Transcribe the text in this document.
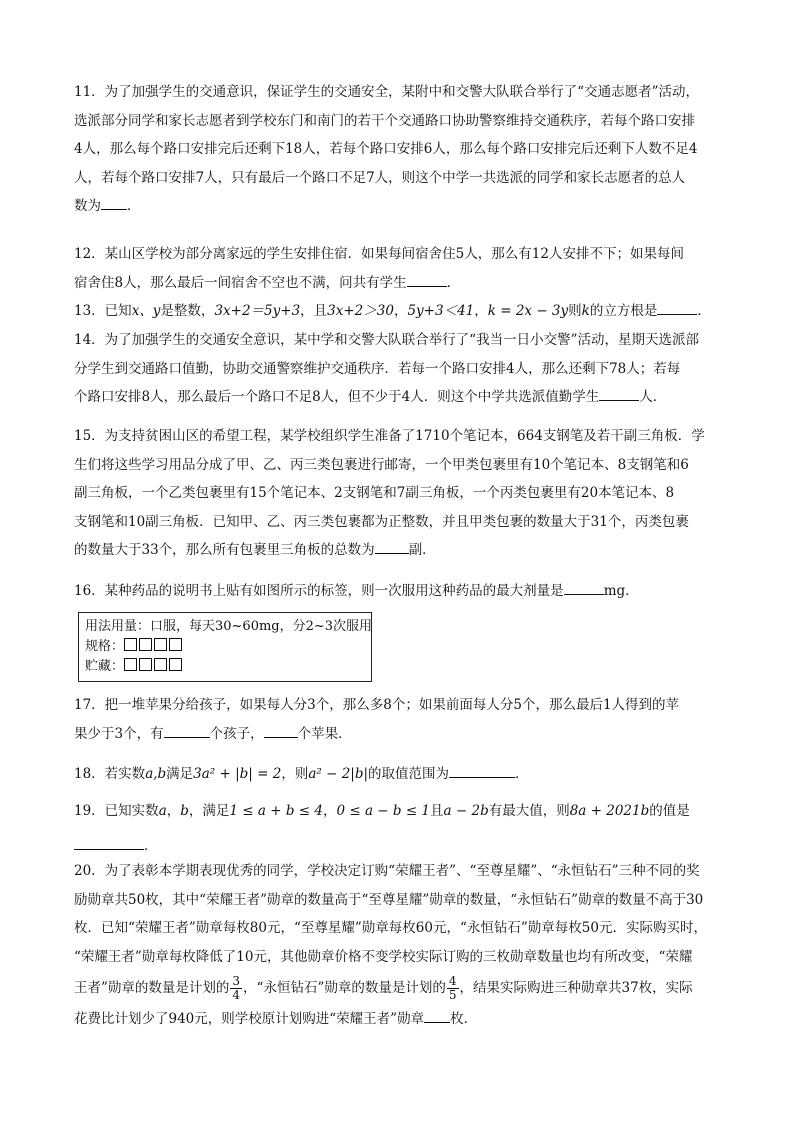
11．为了加强学生的交通意识，保证学生的交通安全，某附中和交警大队联合举行了“交通志愿者”活动，
选派部分同学和家长志愿者到学校东门和南门的若干个交通路口协助警察维持交通秩序，若每个路口安排
4人，那么每个路口安排完后还剩下18人，若每个路口安排6人，那么每个路口安排完后还剩下人数不足4
人，若每个路口安排7人，只有最后一个路口不足7人，则这个中学一共选派的同学和家长志愿者的总人
数为 ．
12．某山区学校为部分离家远的学生安排住宿．如果每间宿舍住5人，那么有12人安排不下；如果每间
宿舍住8人，那么最后一间宿舍不空也不满，问共有学生	．
13．已知x、y是整数，3x+2＝5y+3，且3x+2＞30，5y+3＜41，k = 2x − 3y则k的立方根是	．
14．为了加强学生的交通安全意识，某中学和交警大队联合举行了“我当一日小交警”活动，星期天选派部
分学生到交通路口值勤，协助交通警察维护交通秩序．若每一个路口安排4人，那么还剩下78人；若每
个路口安排8人，那么最后一个路口不足8人，但不少于4人．则这个中学共选派值勤学生	人．
15．为支持贫困山区的希望工程，某学校组织学生准备了1710个笔记本，664支钢笔及若干副三角板．学
生们将这些学习用品分成了甲、乙、丙三类包裹进行邮寄，一个甲类包裹里有10个笔记本、8支钢笔和6
副三角板，一个乙类包裹里有15个笔记本、2支钢笔和7副三角板，一个丙类包裹里有20本笔记本、8
支钢笔和10副三角板．已知甲、乙、丙三类包裹都为正整数，并且甲类包裹的数量大于31个，丙类包裹
的数量大于33个，那么所有包裹里三角板的总数为	副．
16．某种药品的说明书上贴有如图所示的标签，则一次服用这种药品的最大剂量是	mg．
用法用量：口服，每天30~60mg，分2~3次服用
规格：
贮藏：
17．把一堆苹果分给孩子，如果每人分3个，那么多8个；如果前面每人分5个，那么最后1人得到的苹
果少于3个，有	个孩子，	个苹果．
18．若实数a,b满足3a² + |b| = 2，则a² − 2|b|的取值范围为	．
19．已知实数a，b，满足1 ≤ a + b ≤ 4，0 ≤ a − b ≤ 1且a − 2b有最大值，则8a + 2021b的值是
．
20．为了表彰本学期表现优秀的同学，学校决定订购“荣耀王者”、“至尊星耀”、“永恒钻石”三种不同的奖
励勋章共50枚，其中“荣耀王者”勋章的数量高于“至尊星耀”勋章的数量，“永恒钻石”勋章的数量不高于30
枚．已知“荣耀王者”勋章每枚80元，“至尊星耀”勋章每枚60元，“永恒钻石”勋章每枚50元．实际购买时，
“荣耀王者”勋章每枚降低了10元，其他勋章价格不变学校实际订购的三枚勋章数量也均有所改变，“荣耀
王者”勋章的数量是计划的 $\frac{3}{4}$ ，“永恒钻石”勋章的数量是计划的 $\frac{4}{5}$ ，结果实际购进三种勋章共37枚，实际
花费比计划少了940元，则学校原计划购进“荣耀王者”勋章 枚．
